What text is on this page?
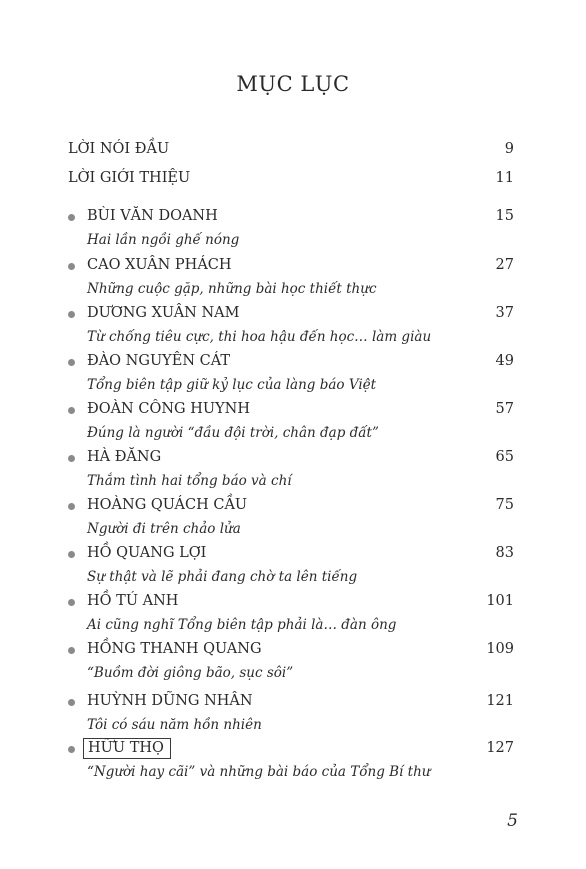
MỤC LỤC
LỜI NÓI ĐẦU	9
LỜI GIỚI THIỆU	11
BÙI VĂN DOANH	15
Hai lần ngồi ghế nóng
CAO XUÂN PHÁCH	27
Những cuộc gặp, những bài học thiết thực
DƯƠNG XUÂN NAM	37
Từ chống tiêu cực, thi hoa hậu đến học… làm giàu
ĐÀO NGUYÊN CÁT	49
Tổng biên tập giữ kỷ lục của làng báo Việt
ĐOÀN CÔNG HUYNH	57
Đúng là người “đầu đội trời, chân đạp đất”
HÀ ĐĂNG	65
Thắm tình hai tổng báo và chí
HOÀNG QUÁCH CẦU	75
Người đi trên chảo lửa
HỒ QUANG LỢI	83
Sự thật và lẽ phải đang chờ ta lên tiếng
HỒ TÚ ANH	101
Ai cũng nghĩ Tổng biên tập phải là… đàn ông
HỒNG THANH QUANG	109
“Buồm đời giông bão, sục sôi”
HUỲNH DŨNG NHÂN	121
Tôi có sáu năm hồn nhiên
HỮU THỌ	127
“Người hay cãi” và những bài báo của Tổng Bí thư
5
